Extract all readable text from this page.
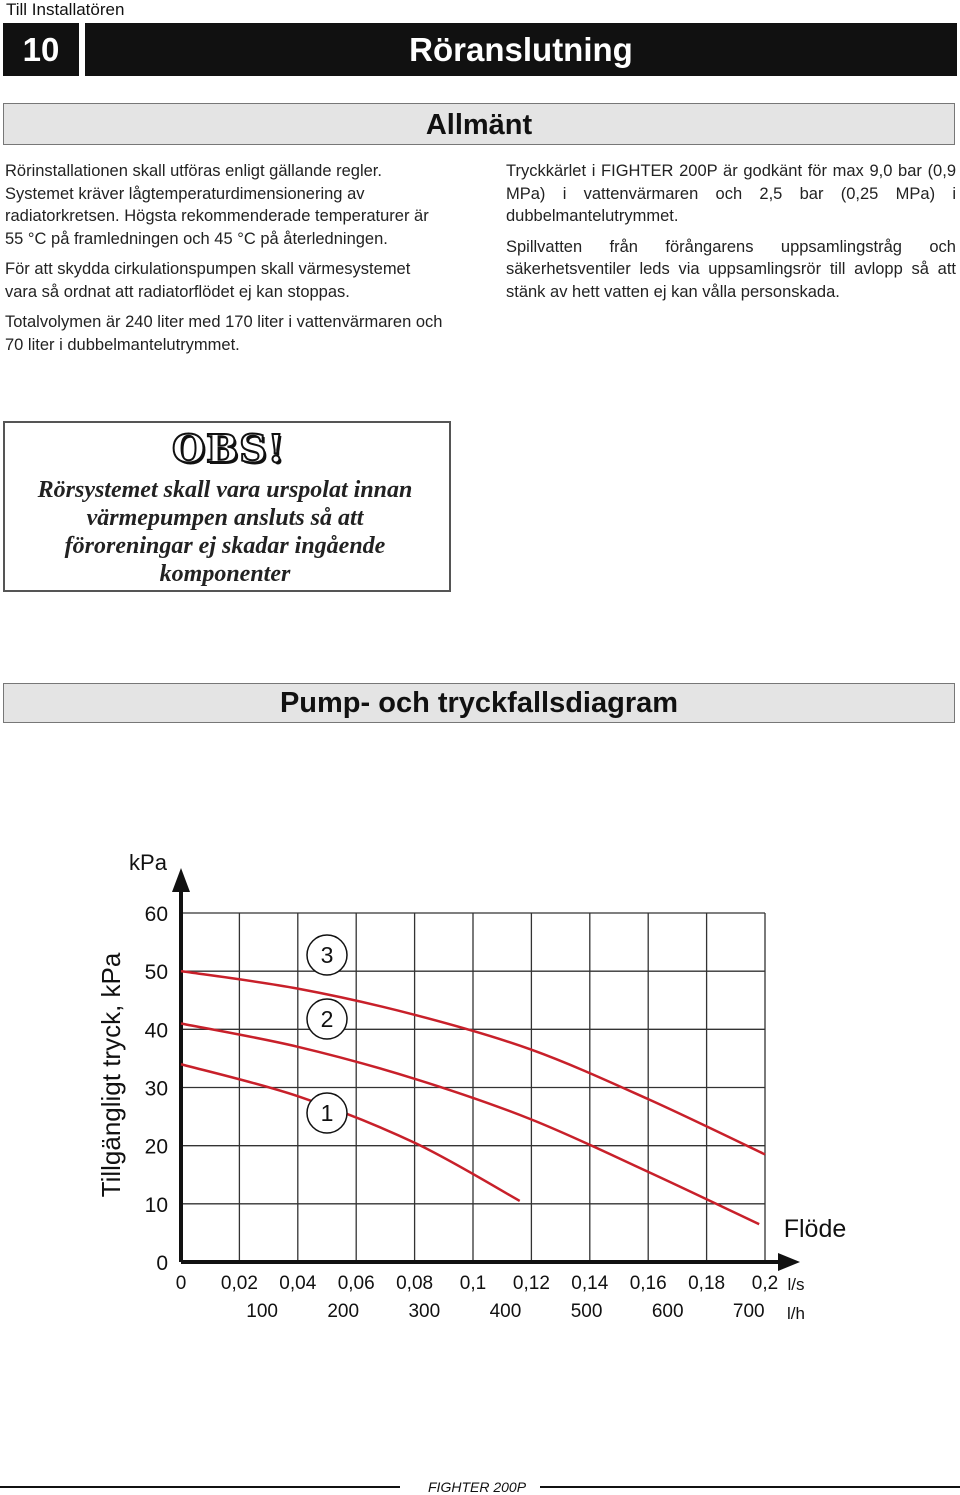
Till Installatören
10	Röranslutning
Allmänt

Rörinstallationen skall utföras enligt gällande regler. Systemet kräver lågtemperaturdimensionering av radiatorkretsen. Högsta rekommenderade temperaturer är 55 °C på framledningen och 45 °C på återledningen.

För att skydda cirkulationspumpen skall värmesystemet vara så ordnat att radiatorflödet ej kan stoppas.

Totalvolymen är 240 liter med 170 liter i vattenvärmaren och 70 liter i dubbelmantelutrymmet.

Tryckkärlet i FIGHTER 200P är godkänt för max 9,0 bar (0,9 MPa) i vattenvärmaren och 2,5 bar (0,25 MPa) i dubbelmantelutrymmet.

Spillvatten från förångarens uppsamlingstråg och säkerhetsventiler leds via uppsamlingsrör till avlopp så att stänk av hett vatten ej kan vålla personskada.

OBS!
Rörsystemet skall vara urspolat innan värmepumpen ansluts så att föroreningar ej skadar ingående komponenter
Pump- och tryckfallsdiagram
0
10
20
30
40
50
60
0 0,02 0,04 0,06 0,08 0,1 0,12 0,14 0,16 0,18 0,2
100	200	300	400	500	600	700
kPa
Tillgängligt tryck, kPa
Flöde
l/s
l/h
3
2
1
FIGHTER 200P
